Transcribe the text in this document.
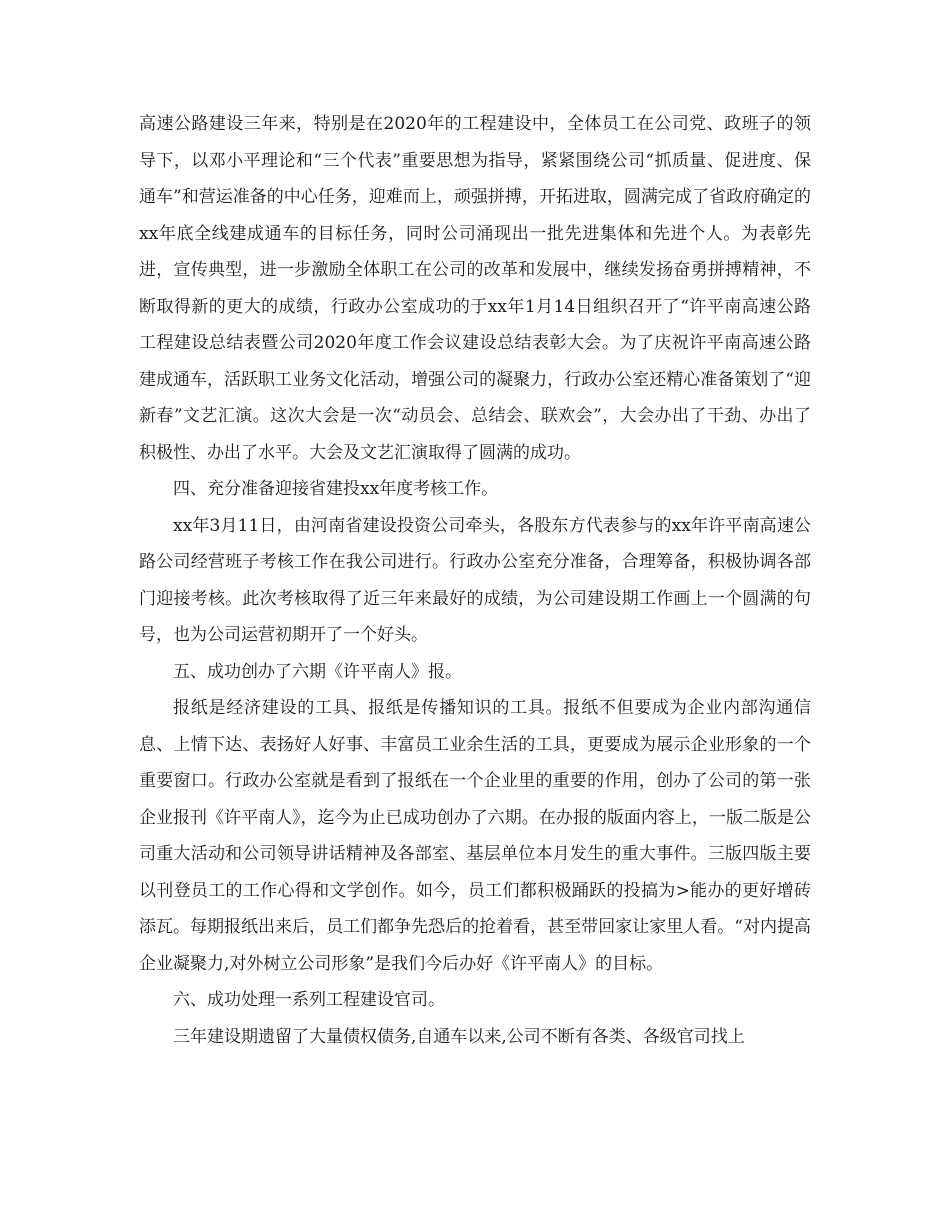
高速公路建设三年来，特别是在2020年的工程建设中，全体员工在公司党、政班子的领导下，以邓小平理论和“三个代表”重要思想为指导，紧紧围绕公司“抓质量、促进度、保通车”和营运准备的中心任务，迎难而上，顽强拼搏，开拓进取，圆满完成了省政府确定的xx年底全线建成通车的目标任务，同时公司涌现出一批先进集体和先进个人。为表彰先进，宣传典型，进一步激励全体职工在公司的改革和发展中，继续发扬奋勇拼搏精神，不断取得新的更大的成绩，行政办公室成功的于xx年1月14日组织召开了“许平南高速公路工程建设总结表暨公司2020年度工作会议建设总结表彰大会。为了庆祝许平南高速公路建成通车，活跃职工业务文化活动，增强公司的凝聚力，行政办公室还精心准备策划了“迎新春”文艺汇演。这次大会是一次“动员会、总结会、联欢会”，大会办出了干劲、办出了积极性、办出了水平。大会及文艺汇演取得了圆满的成功。

四、充分准备迎接省建投xx年度考核工作。

xx年3月11日，由河南省建设投资公司牵头，各股东方代表参与的xx年许平南高速公路公司经营班子考核工作在我公司进行。行政办公室充分准备，合理筹备，积极协调各部门迎接考核。此次考核取得了近三年来最好的成绩，为公司建设期工作画上一个圆满的句号，也为公司运营初期开了一个好头。

五、成功创办了六期《许平南人》报。

报纸是经济建设的工具、报纸是传播知识的工具。报纸不但要成为企业内部沟通信息、上情下达、表扬好人好事、丰富员工业余生活的工具，更要成为展示企业形象的一个重要窗口。行政办公室就是看到了报纸在一个企业里的重要的作用，创办了公司的第一张企业报刊《许平南人》，迄今为止已成功创办了六期。在办报的版面内容上，一版二版是公司重大活动和公司领导讲话精神及各部室、基层单位本月发生的重大事件。三版四版主要以刊登员工的工作心得和文学创作。如今，员工们都积极踊跃的投搞为>能办的更好增砖添瓦。每期报纸出来后，员工们都争先恐后的抢着看，甚至带回家让家里人看。“对内提高企业凝聚力,对外树立公司形象”是我们今后办好《许平南人》的目标。

六、成功处理一系列工程建设官司。

三年建设期遗留了大量债权债务,自通车以来,公司不断有各类、各级官司找上
